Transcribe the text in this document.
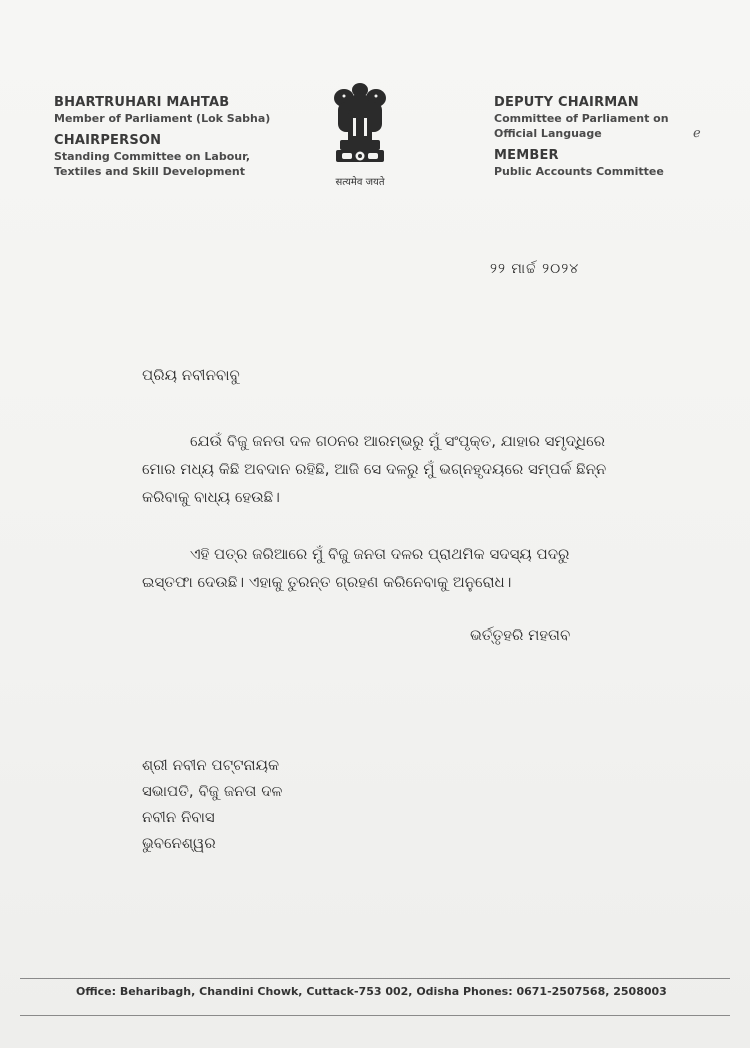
BHARTRUHARI MAHTAB

Member of Parliament (Lok Sabha)

CHAIRPERSON

Standing Committee on Labour,

Textiles and Skill Development

सत्यमेव जयते

DEPUTY CHAIRMAN

Committee of Parliament on

Official Language

MEMBER

Public Accounts Committee

ℯ
୨୨ ମାର୍ଚ୍ଚ ୨୦୨୪
ପ୍ରିୟ ନବୀନବାବୁ

ଯେଉଁ ବିଜୁ ଜନତା ଦଳ ଗଠନର ଆରମ୍ଭରୁ ମୁଁ ସଂପୃକ୍ତ, ଯାହାର ସମୃଦ୍ଧିରେ ମୋର ମଧ୍ୟ କିଛି ଅବଦାନ ରହିଛି, ଆଜି ସେ ଦଳରୁ ମୁଁ ଭଗ୍ନହୃଦୟରେ ସମ୍ପର୍କ ଛିନ୍ନ କରିବାକୁ ବାଧ୍ୟ ହେଉଛି।

ଏହି ପତ୍ର ଜରିଆରେ ମୁଁ ବିଜୁ ଜନତା ଦଳର ପ୍ରାଥମିକ ସଦସ୍ୟ ପଦରୁ ଇସ୍ତଫା ଦେଉଛି। ଏହାକୁ ତୁରନ୍ତ ଗ୍ରହଣ କରିନେବାକୁ ଅନୁରୋଧ।

ଭର୍ତ୍ତୃହରି ମହତାବ
ଶ୍ରୀ ନବୀନ ପଟ୍ଟନାୟକ
ସଭାପତି, ବିଜୁ ଜନତା ଦଳ
ନବୀନ ନିବାସ
ଭୁବନେଶ୍ୱର
Office: Beharibagh, Chandini Chowk, Cuttack-753 002, Odisha Phones: 0671-2507568, 2508003
